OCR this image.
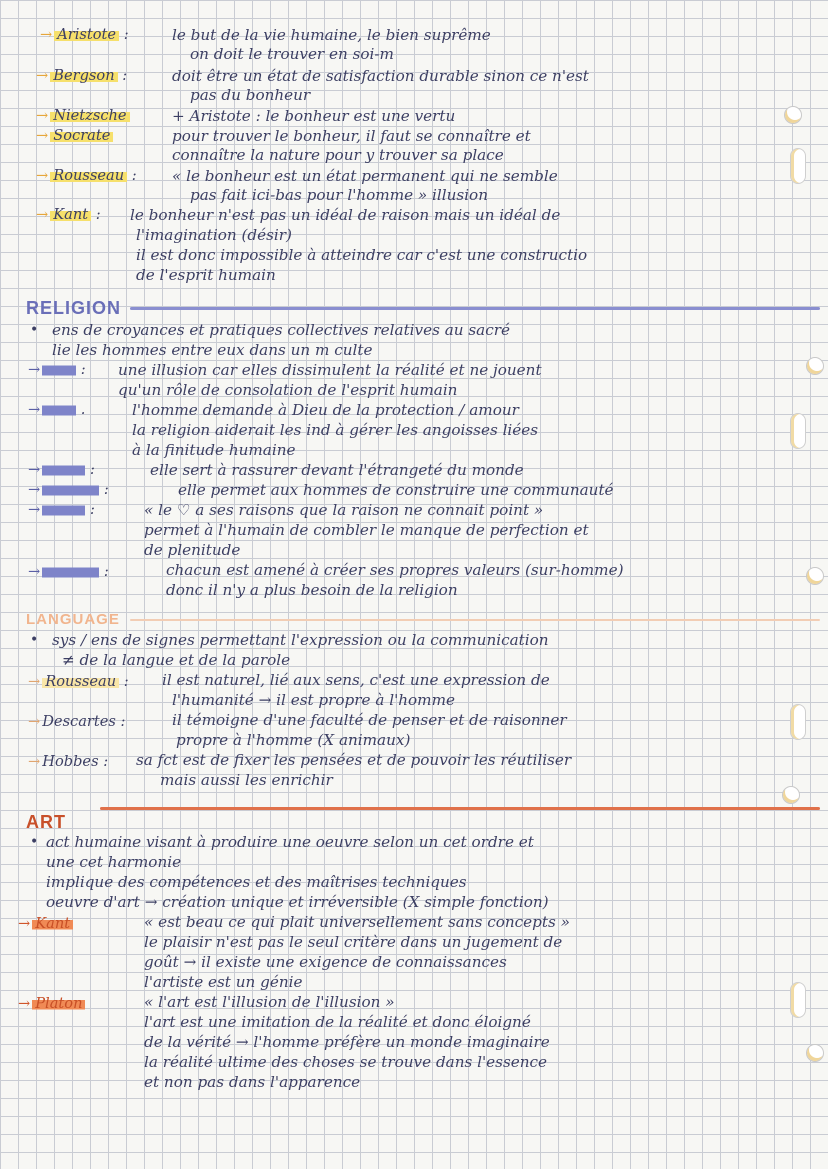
→ Aristote :	le but de la vie humaine, le bien suprême
on doit le trouver en soi-m
→ Bergson :	doit être un état de satisfaction durable sinon ce n'est
pas du bonheur
→ Nietzsche	+ Aristote : le bonheur est une vertu
→ Socrate	pour trouver le bonheur, il faut se connaître et
connaître la nature pour y trouver sa place
→ Rousseau : « le bonheur est un état permanent qui ne semble
pas fait ici-bas pour l'homme » illusion
→ Kant : le bonheur n'est pas un idéal de raison mais un idéal de
l'imagination (désir)
il est donc impossible à atteindre car c'est une constructio
de l'esprit humain
RELIGION
• ens de croyances et pratiques collectives relatives au sacré
lie les hommes entre eux dans un m culte
→       : une illusion car elles dissimulent la réalité et ne jouent
qu'un rôle de consolation de l'esprit humain
→       .	l'homme demande à Dieu de la protection / amour
la religion aiderait les ind à gérer les angoisses liées
à la finitude humaine
→	:	elle sert à rassurer devant l'étrangeté du monde
→	:	elle permet aux hommes de construire une communauté
→	:	« le ♡ a ses raisons que la raison ne connait point »
permet à l'humain de combler le manque de perfection et
de plenitude
→	:	chacun est amené à créer ses propres valeurs (sur-homme)
donc il n'y a plus besoin de la religion
LANGUAGE
• sys / ens de signes permettant l'expression ou la communication
≠ de la langue et de la parole
→ Rousseau : il est naturel, lié aux sens, c'est une expression de
l'humanité → il est propre à l'homme
→ Descartes :	il témoigne d'une faculté de penser et de raisonner
propre à l'homme (X animaux)
→ Hobbes : sa fct est de fixer les pensées et de pouvoir les réutiliser
mais aussi les enrichir
ART
• act humaine visant à produire une oeuvre selon un cet ordre et
une cet harmonie
implique des compétences et des maîtrises techniques
oeuvre d'art → création unique et irréversible (X simple fonction)
→ Kant	« est beau ce qui plait universellement sans concepts »
le plaisir n'est pas le seul critère dans un jugement de
goût → il existe une exigence de connaissances
l'artiste est un génie
→ Platon	« l'art est l'illusion de l'illusion »
l'art est une imitation de la réalité et donc éloigné
de la vérité → l'homme préfère un monde imaginaire
la réalité ultime des choses se trouve dans l'essence
et non pas dans l'apparence
